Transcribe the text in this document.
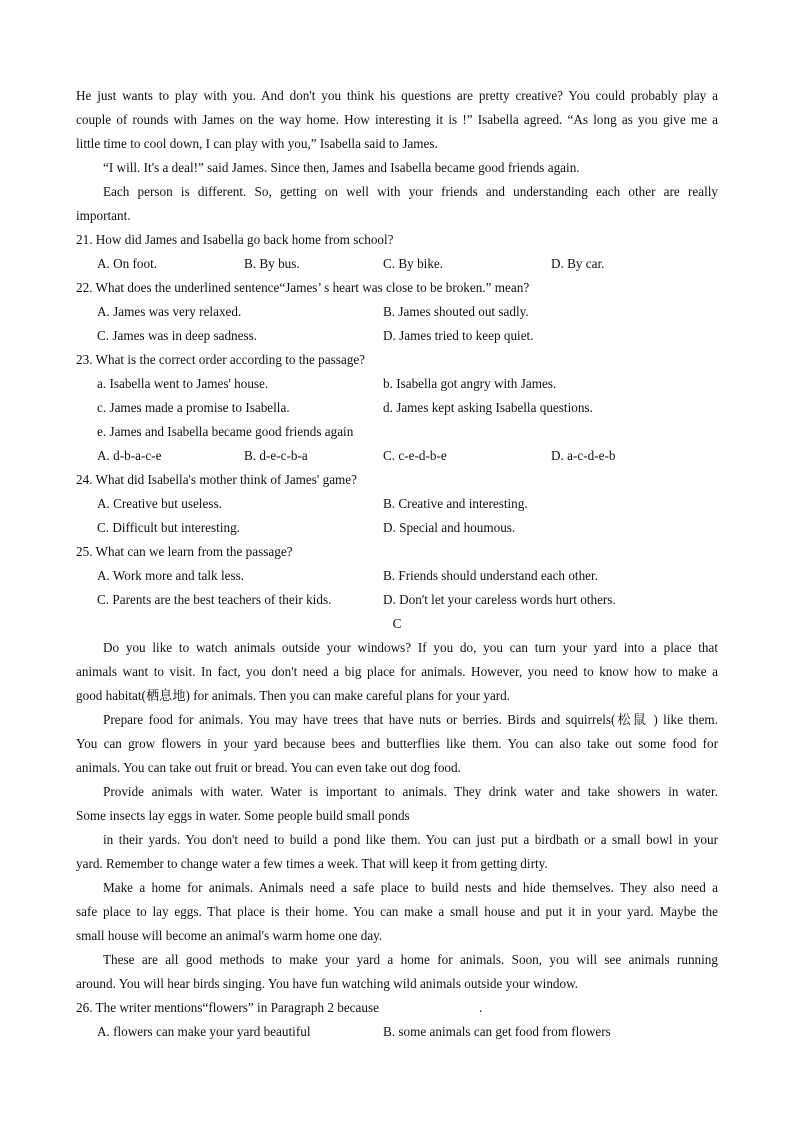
He just wants to play with you. And don't you think his questions are pretty creative? You could probably play a

couple of rounds with James on the way home. How interesting it is !” Isabella agreed. “As long as you give me a

little time to cool down, I can play with you,” Isabella said to James.

“I will. It's a deal!” said James. Since then, James and Isabella became good friends again.

Each person is different. So, getting on well with your friends and understanding each other are really

important.

21. How did James and Isabella go back home from school?

A. On foot.	B. By bus.	C. By bike.	D. By car.

22. What does the underlined sentence“James’ s heart was close to be broken.” mean?

A. James was very relaxed.	B. James shouted out sadly.
C. James was in deep sadness.	D. James tried to keep quiet.

23. What is the correct order according to the passage?

a. Isabella went to James' house.	b. Isabella got angry with James.
c. James made a promise to Isabella.	d. James kept asking Isabella questions.
e. James and Isabella became good friends again
A. d-b-a-c-e	B. d-e-c-b-a	C. c-e-d-b-e	D. a-c-d-e-b

24. What did Isabella's mother think of James' game?

A. Creative but useless.	B. Creative and interesting.
C. Difficult but interesting.	D. Special and houmous.

25. What can we learn from the passage?

A. Work more and talk less.	B. Friends should understand each other.
C. Parents are the best teachers of their kids.	D. Don't let your careless words hurt others.

C

Do you like to watch animals outside your windows? If you do, you can turn your yard into a place that

animals want to visit. In fact, you don't need a big place for animals. However, you need to know how to make a

good habitat(栖息地) for animals. Then you can make careful plans for your yard.

Prepare food for animals. You may have trees that have nuts or berries. Birds and squirrels(松鼠 ) like them.

You can grow flowers in your yard because bees and butterflies like them. You can also take out some food for

animals. You can take out fruit or bread. You can even take out dog food.

Provide animals with water. Water is important to animals. They drink water and take showers in water.

Some insects lay eggs in water. Some people build small ponds

in their yards. You don't need to build a pond like them. You can just put a birdbath or a small bowl in your

yard. Remember to change water a few times a week. That will keep it from getting dirty.

Make a home for animals. Animals need a safe place to build nests and hide themselves. They also need a

safe place to lay eggs. That place is their home. You can make a small house and put it in your yard. Maybe the

small house will become an animal's warm home one day.

These are all good methods to make your yard a home for animals. Soon, you will see animals running

around. You will hear birds singing. You have fun watching wild animals outside your window.

26. The writer mentions“flowers” in Paragraph 2 because	.

A. flowers can make your yard beautiful	B. some animals can get food from flowers
